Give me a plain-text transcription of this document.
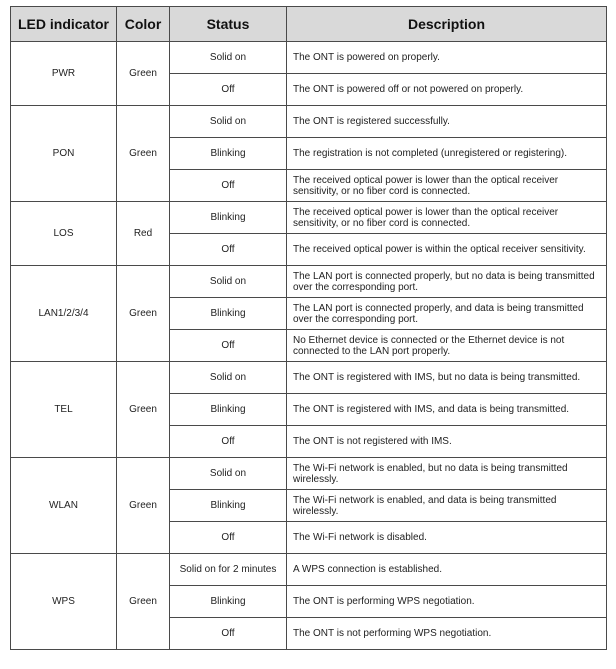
LED indicator	Color	Status	Description
PWR	Green	Solid on	The ONT is powered on properly.
		Off	The ONT is powered off or not powered on properly.
PON	Green	Solid on	The ONT is registered successfully.
		Blinking	The registration is not completed (unregistered or registering).
		Off	The received optical power is lower than the optical receiver sensitivity, or no fiber cord is connected.
LOS	Red	Blinking	The received optical power is lower than the optical receiver sensitivity, or no fiber cord is connected.
		Off	The received optical power is within the optical receiver sensitivity.
LAN1/2/3/4	Green	Solid on	The LAN port is connected properly, but no data is being transmitted over the corresponding port.
		Blinking	The LAN port is connected properly, and data is being transmitted over the corresponding port.
		Off	No Ethernet device is connected or the Ethernet device is not connected to the LAN port properly.
TEL	Green	Solid on	The ONT is registered with IMS, but no data is being transmitted.
		Blinking	The ONT is registered with IMS, and data is being transmitted.
		Off	The ONT is not registered with IMS.
WLAN	Green	Solid on	The Wi-Fi network is enabled, but no data is being transmitted wirelessly.
		Blinking	The Wi-Fi network is enabled, and data is being transmitted wirelessly.
		Off	The Wi-Fi network is disabled.
WPS	Green	Solid on for 2 minutes	A WPS connection is established.
		Blinking	The ONT is performing WPS negotiation.
		Off	The ONT is not performing WPS negotiation.
